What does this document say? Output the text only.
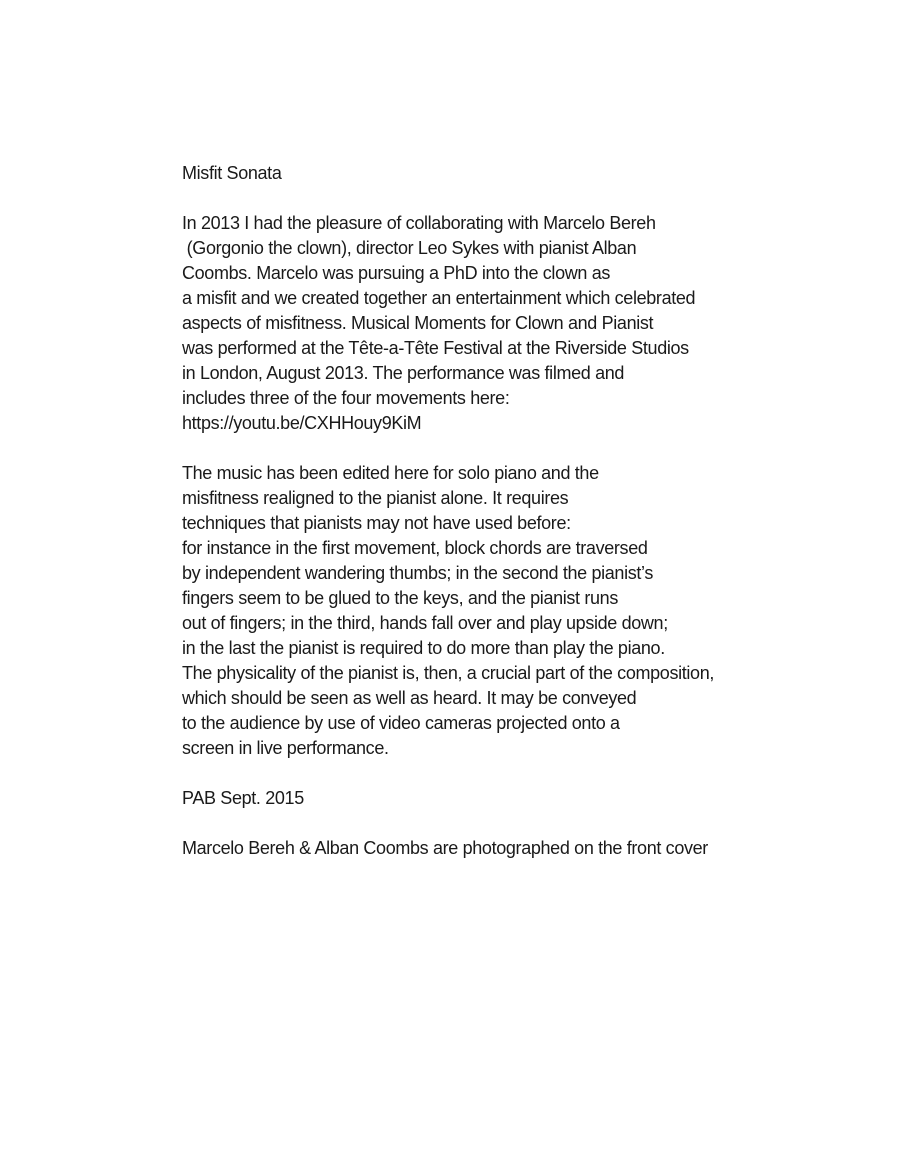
Misfit Sonata
In 2013 I had the pleasure of collaborating with Marcelo Bereh
(Gorgonio the clown), director Leo Sykes with pianist Alban
Coombs. Marcelo was pursuing a PhD into the clown as
a misfit and we created together an entertainment which celebrated
aspects of misfitness. Musical Moments for Clown and Pianist
was performed at the Tête-a-Tête Festival at the Riverside Studios
in London, August 2013. The performance was filmed and
includes three of the four movements here:
https://youtu.be/CXHHouy9KiM
The music has been edited here for solo piano and the
misfitness realigned to the pianist alone. It requires
techniques that pianists may not have used before:
for instance in the first movement, block chords are traversed
by independent wandering thumbs; in the second the pianist’s
fingers seem to be glued to the keys, and the pianist runs
out of fingers; in the third, hands fall over and play upside down;
in the last the pianist is required to do more than play the piano.
The physicality of the pianist is, then, a crucial part of the composition,
which should be seen as well as heard. It may be conveyed
to the audience by use of video cameras projected onto a
screen in live performance.
PAB Sept. 2015
Marcelo Bereh & Alban Coombs are photographed on the front cover
